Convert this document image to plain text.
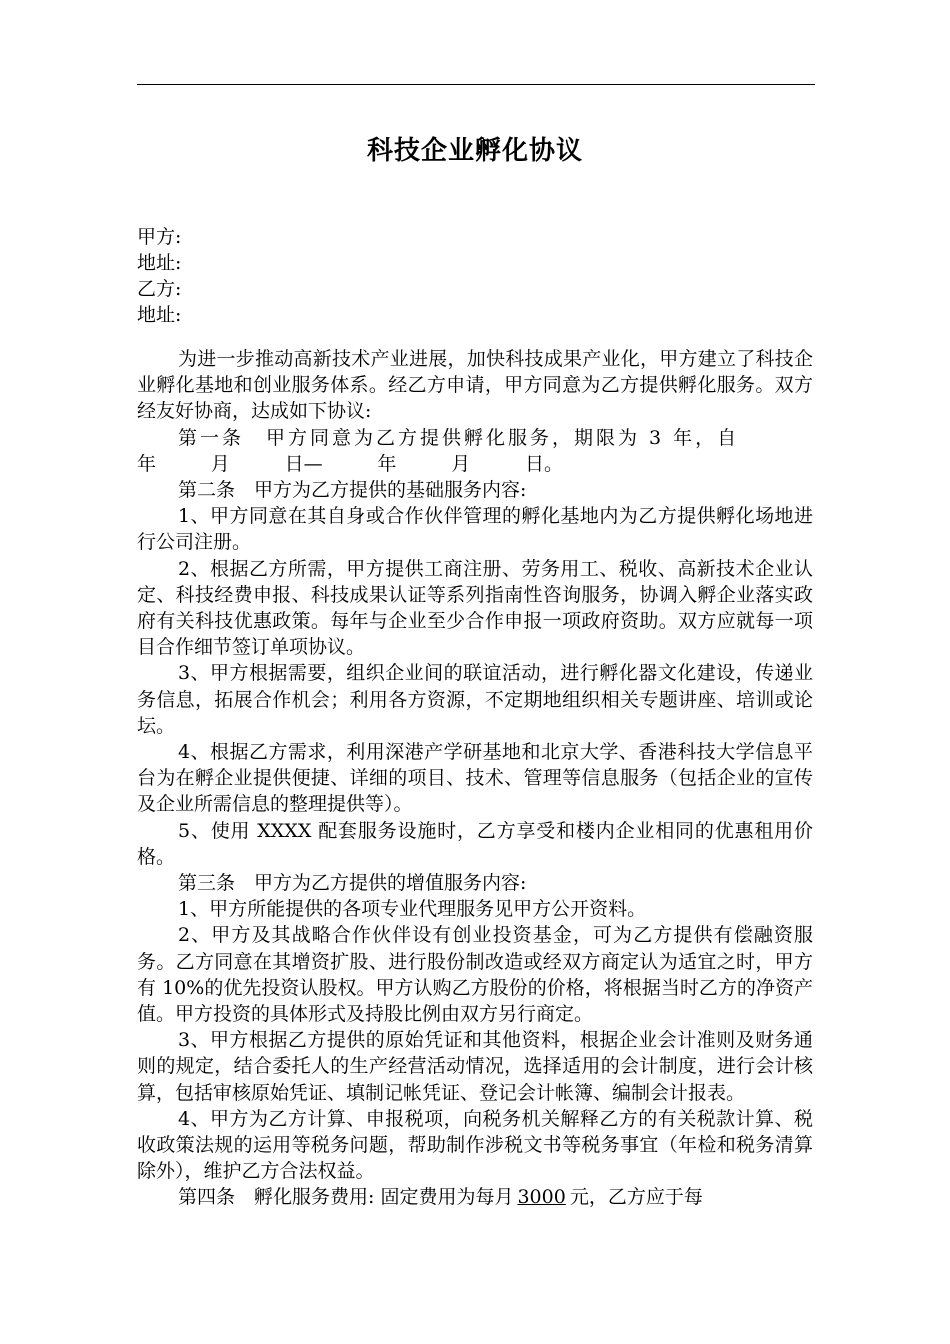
科技企业孵化协议
甲方:
地址:
乙方:
地址:

为进一步推动高新技术产业进展，加快科技成果产业化，甲方建立了科技企业孵化基地和创业服务体系。经乙方申请，甲方同意为乙方提供孵化服务。双方经友好协商，达成如下协议:

第一条　甲方同意为乙方提供孵化服务，期限为 3 年，自

年	月	日—	年	月	日。

第二条　甲方为乙方提供的基础服务内容:

1、甲方同意在其自身或合作伙伴管理的孵化基地内为乙方提供孵化场地进行公司注册。

2、根据乙方所需，甲方提供工商注册、劳务用工、税收、高新技术企业认定、科技经费申报、科技成果认证等系列指南性咨询服务，协调入孵企业落实政府有关科技优惠政策。每年与企业至少合作申报一项政府资助。双方应就每一项目合作细节签订单项协议。

3、甲方根据需要，组织企业间的联谊活动，进行孵化器文化建设，传递业务信息，拓展合作机会；利用各方资源，不定期地组织相关专题讲座、培训或论坛。

4、根据乙方需求，利用深港产学研基地和北京大学、香港科技大学信息平台为在孵企业提供便捷、详细的项目、技术、管理等信息服务（包括企业的宣传及企业所需信息的整理提供等）。

5、使用 XXXX 配套服务设施时，乙方享受和楼内企业相同的优惠租用价格。

第三条　甲方为乙方提供的增值服务内容:

1、甲方所能提供的各项专业代理服务见甲方公开资料。

2、甲方及其战略合作伙伴设有创业投资基金，可为乙方提供有偿融资服务。乙方同意在其增资扩股、进行股份制改造或经双方商定认为适宜之时，甲方有 10%的优先投资认股权。甲方认购乙方股份的价格，将根据当时乙方的净资产值。甲方投资的具体形式及持股比例由双方另行商定。

3、甲方根据乙方提供的原始凭证和其他资料，根据企业会计准则及财务通则的规定，结合委托人的生产经营活动情况，选择适用的会计制度，进行会计核算，包括审核原始凭证、填制记帐凭证、登记会计帐簿、编制会计报表。

4、甲方为乙方计算、申报税项，向税务机关解释乙方的有关税款计算、税收政策法规的运用等税务问题，帮助制作涉税文书等税务事宜（年检和税务清算除外），维护乙方合法权益。

第四条　孵化服务费用: 固定费用为每月 3000 元，乙方应于每
